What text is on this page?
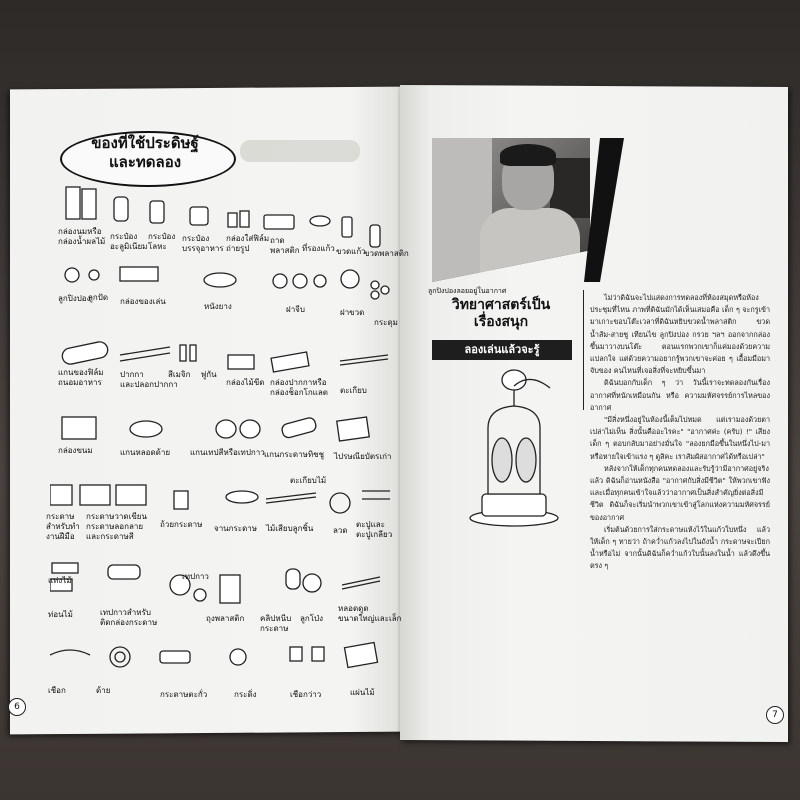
ของที่ใช้ประดิษฐ์
และทดลอง
กล่องนมหรือ
กล่องน้ำผลไม้
กระป๋อง
อะลูมิเนียม
กระป๋อง
โลหะ
กระป๋อง
บรรจุอาหาร
กล่องใส่ฟิล์ม
ถ่ายรูป
ถาด
พลาสติก ที่รองแก้ว ขวดแก้ว
ขวดพลาสติก
ลูกปิงปอง
ลูกปัด กล่องของเล่น
หนังยาง	ฝาจีบ	ฝาขวด
กระดุม
แกนของฟิล์ม
ถนอมอาหาร
ปากกา
และปลอกปากกา
สีเมจิก พู่กัน
กล่องไม้ขีด กล่องปากกาหรือ
กล่องช็อกโกแลต ตะเกียบ
กล่องขนม	แกนหลอดด้าย แกนเทปสีหรือเทปกาว แกนกระดาษทิชชู ไปรษณียบัตรเก่า
กระดาษ
สำหรับทำ
งานฝีมือ
กระดาษวาดเขียน
กระดาษลอกลาย
และกระดาษสี
ถ้วยกระดาษ จานกระดาษ
ตะเกียบไม้
ไม้เสียบลูกชิ้น ลวด
ตะปูและ
ตะปูเกลียว
แท่งไม้
ท่อนไม้	เทปกาวสำหรับ
ติดกล่องกระดาษ
เทปกาว
ถุงพลาสติก คลิปหนีบ
กระดาษ
ลูกโป่ง
หลอดดูด
ขนาดใหญ่และเล็ก
เชือก	ด้าย	กระดาษตะกั่ว	กระดิ่ง	เชือกว่าว	แผ่นไม้
6
ลูกปิงปองลอยอยู่ในอากาศ
วิทยาศาสตร์เป็น
เรื่องสนุก
ลองเล่นแล้วจะรู้

ไม่ว่าดิฉันจะไปแสดงการทดลองที่ห้องสมุดหรือห้องประชุมที่ไหน ภาพที่ดิฉันมักได้เห็นเสมอคือ เด็ก ๆ จะกรูเข้ามาเกาะขอบโต๊ะเวลาที่ดิฉันหยิบขวดน้ำพลาสติก ขวดน้ำส้ม-สายชู เทียนไข ลูกปิงปอง กรวย ฯลฯ ออกจากกล่องขึ้นมาวางบนโต๊ะ ตอนแรกพวกเขาก็แค่มองด้วยความแปลกใจ แต่ด้วยความอยากรู้พวกเขาจะค่อย ๆ เอื้อมมือมาจับของ คนไหนที่เจอสิ่งที่จะหยิบขึ้นมา

ดิฉันบอกกับเด็ก ๆ ว่า วันนี้เราจะทดลองกันเรื่อง อากาศที่หนักเหมือนกัน หรือ ความมหัศจรรย์การไหลของอากาศ

"มีสิ่งหนึ่งอยู่ในห้องนี้เต็มไปหมด แต่เรามองด้วยตาเปล่าไม่เห็น สิ่งนั้นคืออะไรคะ" "อากาศค่ะ (ครับ) !" เสียงเด็ก ๆ ตอบกลับมาอย่างมั่นใจ "ลองยกมือขึ้นในหนึ่งไป-มาหรือหายใจเข้าแรง ๆ ดูสิคะ เราสัมผัสอากาศได้หรือเปล่า"

หลังจากให้เด็กทุกคนทดลองและรับรู้ว่ามีอากาศอยู่จริงแล้ว ดิฉันก็อ่านหนังสือ "อากาศกับสิ่งมีชีวิต" ให้พวกเขาฟังและเมื่อทุกคนเข้าใจแล้วว่าอากาศเป็นสิ่งสำคัญยิ่งต่อสิ่งมีชีวิต ดิฉันก็จะเริ่มนำพวกเขาเข้าสู่โลกแห่งความมหัศจรรย์ของอากาศ

เริ่มต้นด้วยการใส่กระดาษแห้งไว้ในแก้วใบหนึ่ง แล้วให้เด็ก ๆ ทายว่า ถ้าคว่ำแก้วลงไปในถังน้ำ กระดาษจะเปียกน้ำหรือไม่ จากนั้นดิฉันก็คว่ำแก้วใบนั้นลงในน้ำ แล้วดึงขึ้นตรง ๆ

7
